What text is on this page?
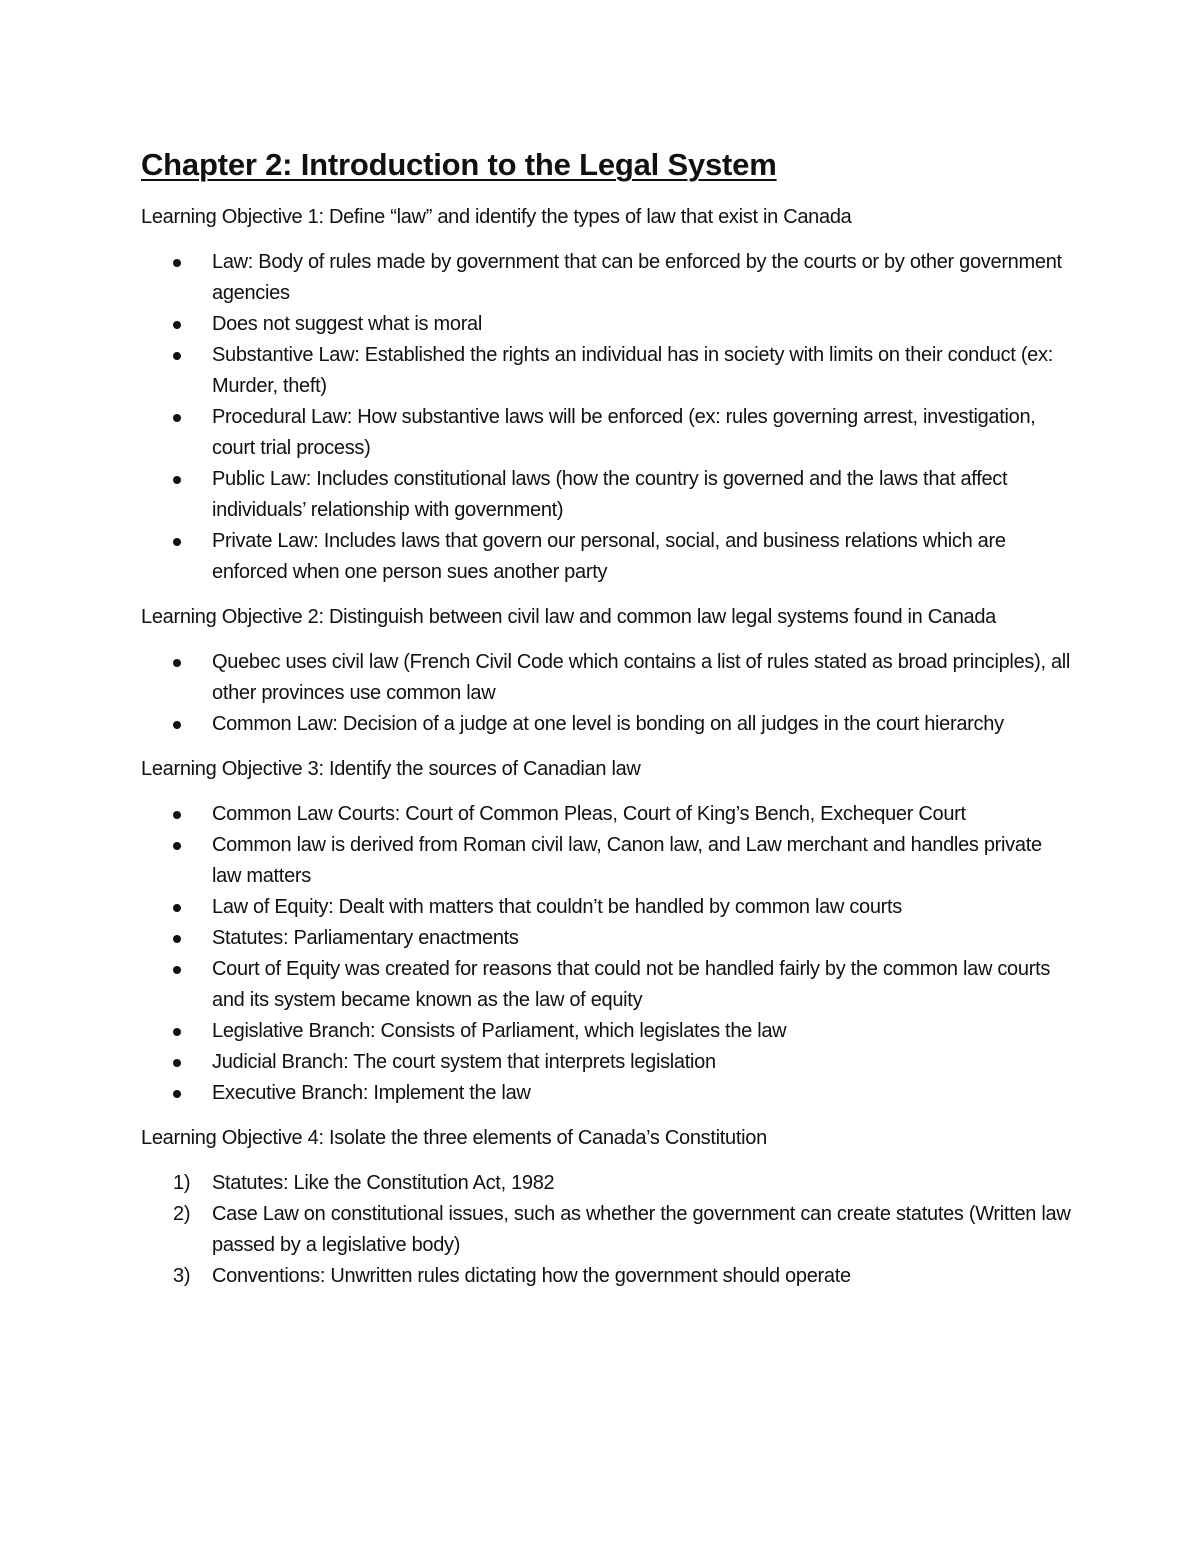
Chapter 2: Introduction to the Legal System

Learning Objective 1: Define “law” and identify the types of law that exist in Canada

Law: Body of rules made by government that can be enforced by the courts or by other government agencies
Does not suggest what is moral
Substantive Law: Established the rights an individual has in society with limits on their conduct (ex: Murder, theft)
Procedural Law: How substantive laws will be enforced (ex: rules governing arrest, investigation, court trial process)
Public Law: Includes constitutional laws (how the country is governed and the laws that affect individuals’ relationship with government)
Private Law: Includes laws that govern our personal, social, and business relations which are enforced when one person sues another party

Learning Objective 2: Distinguish between civil law and common law legal systems found in Canada

Quebec uses civil law (French Civil Code which contains a list of rules stated as broad principles), all other provinces use common law
Common Law: Decision of a judge at one level is bonding on all judges in the court hierarchy

Learning Objective 3: Identify the sources of Canadian law

Common Law Courts: Court of Common Pleas, Court of King’s Bench, Exchequer Court
Common law is derived from Roman civil law, Canon law, and Law merchant and handles private law matters
Law of Equity: Dealt with matters that couldn’t be handled by common law courts
Statutes: Parliamentary enactments
Court of Equity was created for reasons that could not be handled fairly by the common law courts and its system became known as the law of equity
Legislative Branch: Consists of Parliament, which legislates the law
Judicial Branch: The court system that interprets legislation
Executive Branch: Implement the law

Learning Objective 4: Isolate the three elements of Canada’s Constitution

1) Statutes: Like the Constitution Act, 1982
2) Case Law on constitutional issues, such as whether the government can create statutes (Written law passed by a legislative body)
3) Conventions: Unwritten rules dictating how the government should operate
